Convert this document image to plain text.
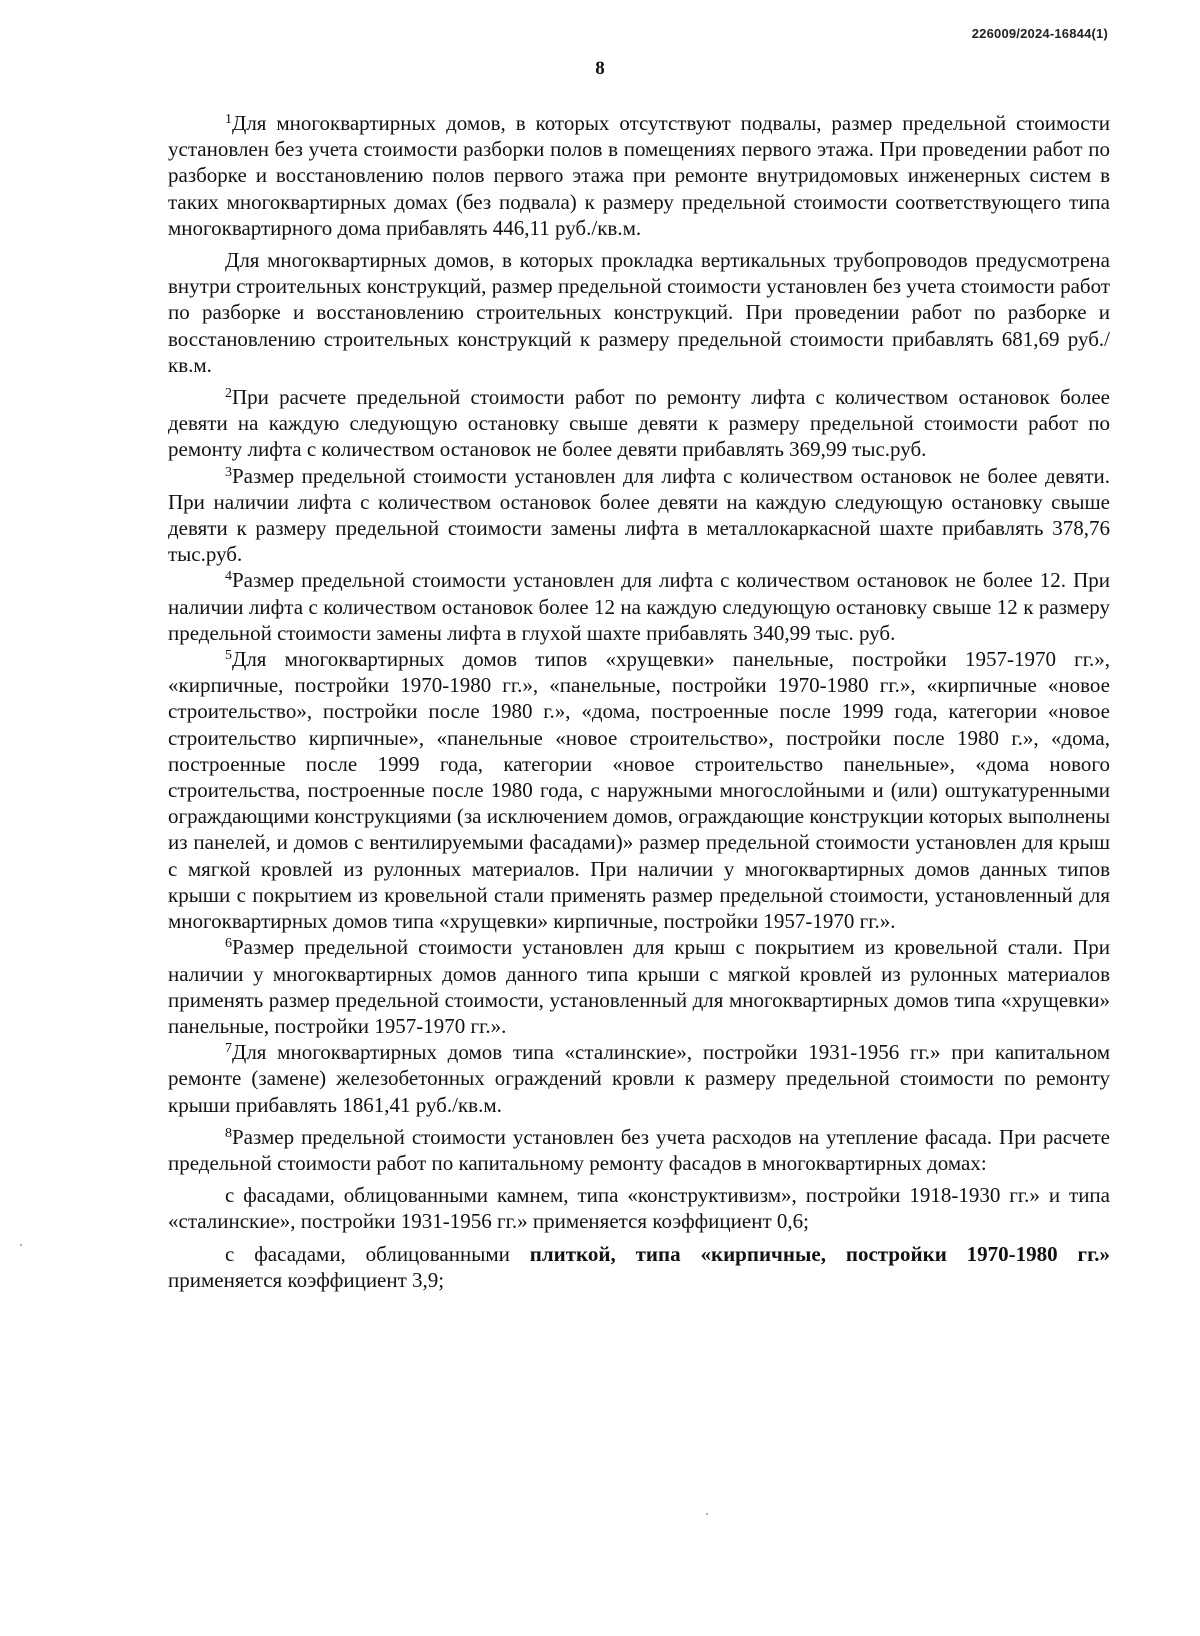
226009/2024-16844(1)
8

$^1$Для многоквартирных домов, в которых отсутствуют подвалы, размер предельной стоимости установлен без учета стоимости разборки полов в помещениях первого этажа. При проведении работ по разборке и восстановлению полов первого этажа при ремонте внутридомовых инженерных систем в таких многоквартирных домах (без подвала) к размеру предельной стоимости соответствующего типа многоквартирного дома прибавлять 446,11 руб./кв.м.

Для многоквартирных домов, в которых прокладка вертикальных трубопроводов предусмотрена внутри строительных конструкций, размер предельной стоимости установлен без учета стоимости работ по разборке и восстановлению строительных конструкций. При проведении работ по разборке и восстановлению строительных конструкций к размеру предельной стоимости прибавлять 681,69 руб./кв.м.

$^2$При расчете предельной стоимости работ по ремонту лифта с количеством остановок более девяти на каждую следующую остановку свыше девяти к размеру предельной стоимости работ по ремонту лифта с количеством остановок не более девяти прибавлять 369,99 тыс.руб.

$^3$Размер предельной стоимости установлен для лифта с количеством остановок не более девяти. При наличии лифта с количеством остановок более девяти на каждую следующую остановку свыше девяти к размеру предельной стоимости замены лифта в металлокаркасной шахте прибавлять 378,76 тыс.руб.

$^4$Размер предельной стоимости установлен для лифта с количеством остановок не более 12. При наличии лифта с количеством остановок более 12 на каждую следующую остановку свыше 12 к размеру предельной стоимости замены лифта в глухой шахте прибавлять 340,99 тыс. руб.

$^5$Для многоквартирных домов типов «хрущевки» панельные, постройки 1957-1970 гг.», «кирпичные, постройки 1970-1980 гг.», «панельные, постройки 1970-1980 гг.», «кирпичные «новое строительство», постройки после 1980 г.», «дома, построенные после 1999 года, категории «новое строительство кирпичные», «панельные «новое строительство», постройки после 1980 г.», «дома, построенные после 1999 года, категории «новое строительство панельные», «дома нового строительства, построенные после 1980 года, с наружными многослойными и (или) оштукатуренными ограждающими конструкциями (за исключением домов, ограждающие конструкции которых выполнены из панелей, и домов с вентилируемыми фасадами)» размер предельной стоимости установлен для крыш с мягкой кровлей из рулонных материалов. При наличии у многоквартирных домов данных типов крыши с покрытием из кровельной стали применять размер предельной стоимости, установленный для многоквартирных домов типа «хрущевки» кирпичные, постройки 1957-1970 гг.».

$^6$Размер предельной стоимости установлен для крыш с покрытием из кровельной стали. При наличии у многоквартирных домов данного типа крыши с мягкой кровлей из рулонных материалов применять размер предельной стоимости, установленный для многоквартирных домов типа «хрущевки» панельные, постройки 1957-1970 гг.».

$^7$Для многоквартирных домов типа «сталинские», постройки 1931-1956 гг.» при капитальном ремонте (замене) железобетонных ограждений кровли к размеру предельной стоимости по ремонту крыши прибавлять 1861,41 руб./кв.м.

$^8$Размер предельной стоимости установлен без учета расходов на утепление фасада. При расчете предельной стоимости работ по капитальному ремонту фасадов в многоквартирных домах:

с фасадами, облицованными камнем, типа «конструктивизм», постройки 1918-1930 гг.» и типа «сталинские», постройки 1931-1956 гг.» применяется коэффициент 0,6;

с фасадами, облицованными плиткой, типа «кирпичные, постройки 1970-1980 гг.» применяется коэффициент 3,9;
